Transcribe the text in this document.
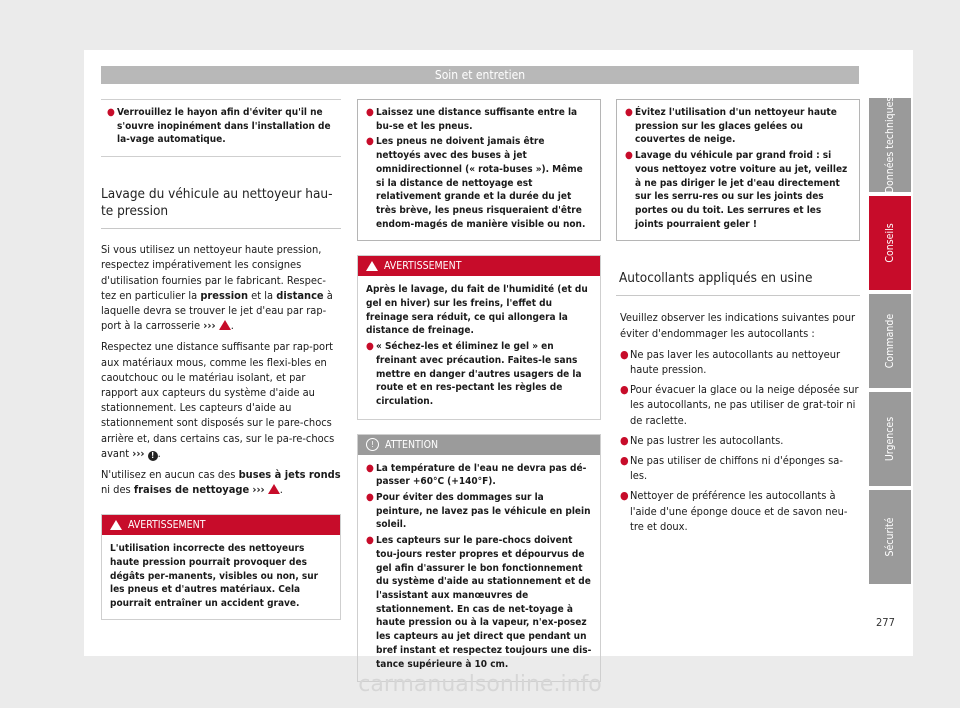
Soin et entretien
● Verrouillez le hayon afin d'éviter qu'il ne s'ouvre inopinément dans l'installation de la-vage automatique.
Lavage du véhicule au nettoyeur hau-te pression

Si vous utilisez un nettoyeur haute pression, respectez impérativement les consignes d'utilisation fournies par le fabricant. Respec-tez en particulier la pression et la distance à laquelle devra se trouver le jet d'eau par rap-port à la carrosserie ››› .

Respectez une distance suffisante par rap-port aux matériaux mous, comme les flexi-bles en caoutchouc ou le matériau isolant, et par rapport aux capteurs du système d'aide au stationnement. Les capteurs d'aide au stationnement sont disposés sur le pare-chocs arrière et, dans certains cas, sur le pa-re-chocs avant ››› ! .

N'utilisez en aucun cas des buses à jets ronds ni des fraises de nettoyage ››› .

AVERTISSEMENT
L'utilisation incorrecte des nettoyeurs haute pression pourrait provoquer des dégâts per-manents, visibles ou non, sur les pneus et d'autres matériaux. Cela pourrait entraîner un accident grave.
● Laissez une distance suffisante entre la bu-se et les pneus.
● Les pneus ne doivent jamais être nettoyés avec des buses à jet omnidirectionnel (« rota-buses »). Même si la distance de nettoyage est relativement grande et la durée du jet très brève, les pneus risqueraient d'être endom-magés de manière visible ou non.
AVERTISSEMENT
Après le lavage, du fait de l'humidité (et du gel en hiver) sur les freins, l'effet du freinage sera réduit, ce qui allongera la distance de freinage.
● « Séchez-les et éliminez le gel » en freinant avec précaution. Faites-le sans mettre en danger d'autres usagers de la route et en res-pectant les règles de circulation.
!	ATTENTION
● La température de l'eau ne devra pas dé-passer +60°C (+140°F).
● Pour éviter des dommages sur la peinture, ne lavez pas le véhicule en plein soleil.
● Les capteurs sur le pare-chocs doivent tou-jours rester propres et dépourvus de gel afin d'assurer le bon fonctionnement du système d'aide au stationnement et de l'assistant aux manœuvres de stationnement. En cas de net-toyage à haute pression ou à la vapeur, n'ex-posez les capteurs au jet direct que pendant un bref instant et respectez toujours une dis-tance supérieure à 10 cm.
● Évitez l'utilisation d'un nettoyeur haute pression sur les glaces gelées ou couvertes de neige.
● Lavage du véhicule par grand froid : si vous nettoyez votre voiture au jet, veillez à ne pas diriger le jet d'eau directement sur les serru-res ou sur les joints des portes ou du toit. Les serrures et les joints pourraient geler !
Autocollants appliqués en usine

Veuillez observer les indications suivantes pour éviter d'endommager les autocollants :

● Ne pas laver les autocollants au nettoyeur haute pression.
● Pour évacuer la glace ou la neige déposée sur les autocollants, ne pas utiliser de grat-toir ni de raclette.
● Ne pas lustrer les autocollants.
● Ne pas utiliser de chiffons ni d'éponges sa-les.
● Nettoyer de préférence les autocollants à l'aide d'une éponge douce et de savon neu-tre et doux.
Données techniques
Conseils
Commande
Urgences
Sécurité
277
carmanualsonline.info
